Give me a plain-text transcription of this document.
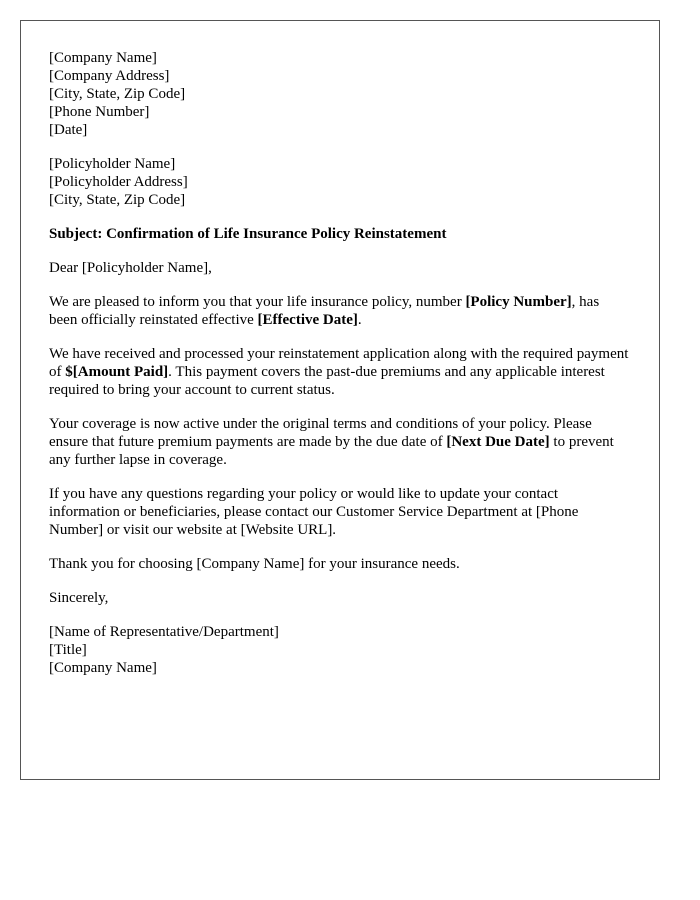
[Company Name]
[Company Address]
[City, State, Zip Code]
[Phone Number]
[Date]
[Policyholder Name]
[Policyholder Address]
[City, State, Zip Code]
Subject: Confirmation of Life Insurance Policy Reinstatement

Dear [Policyholder Name],

We are pleased to inform you that your life insurance policy, number [Policy Number], has been officially reinstated effective [Effective Date].

We have received and processed your reinstatement application along with the required payment of $[Amount Paid]. This payment covers the past-due premiums and any applicable interest required to bring your account to current status.

Your coverage is now active under the original terms and conditions of your policy. Please ensure that future premium payments are made by the due date of [Next Due Date] to prevent any further lapse in coverage.

If you have any questions regarding your policy or would like to update your contact information or beneficiaries, please contact our Customer Service Department at [Phone Number] or visit our website at [Website URL].

Thank you for choosing [Company Name] for your insurance needs.

Sincerely,

[Name of Representative/Department]
[Title]
[Company Name]
